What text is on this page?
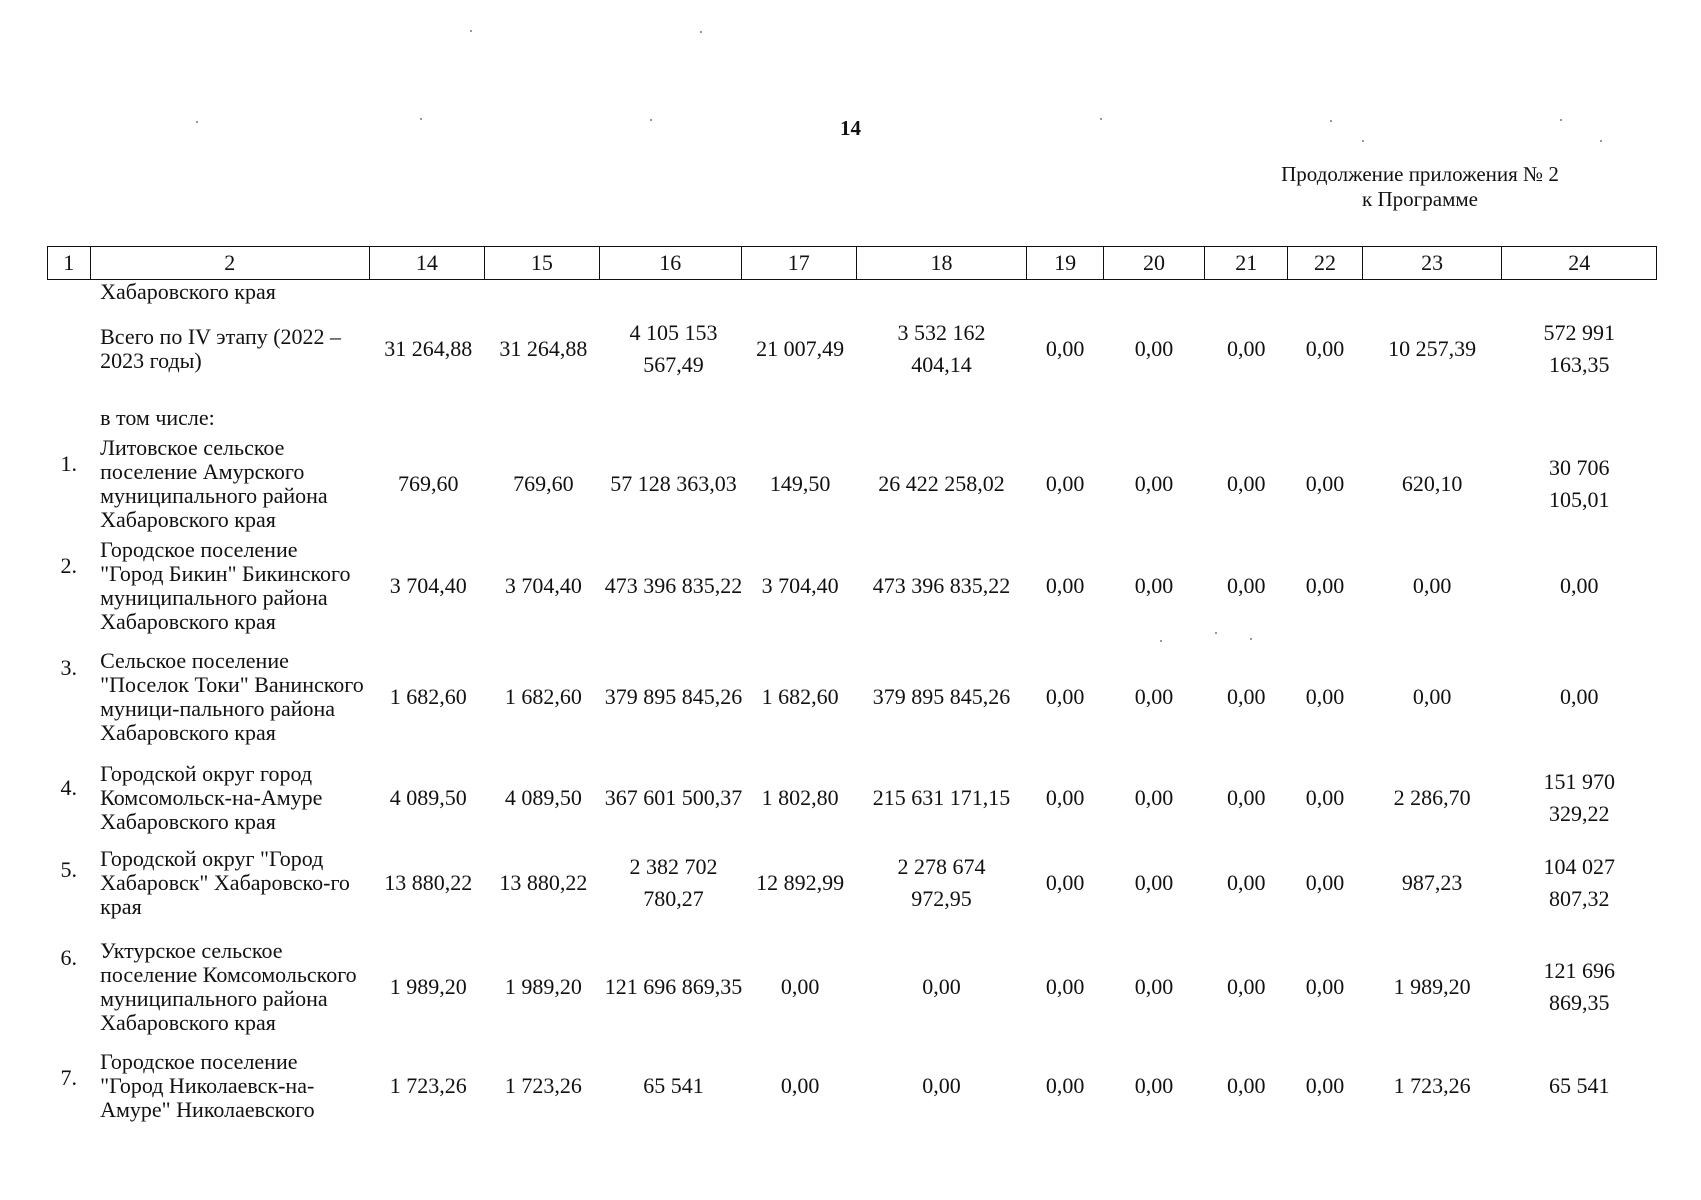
14
Продолжение приложения № 2
к Программе
1	2	14	15	16	17	18	19	20	21	22	23	24
	Хабаровского края											
	Всего по IV этапу (2022 – 2023 годы)	31 264,88	31 264,88	4 105 153 567,49	21 007,49	3 532 162 404,14	0,00	0,00	0,00	0,00	10 257,39	572 991 163,35
	в том числе:											
1.	Литовское сельское поселение Амурского муниципального района Хабаровского края	769,60	769,60	57 128 363,03	149,50	26 422 258,02	0,00	0,00	0,00	0,00	620,10	30 706 105,01
2.	Городское поселение "Город Бикин" Бикинского муниципального района Хабаровского края	3 704,40	3 704,40	473 396 835,22	3 704,40	473 396 835,22	0,00	0,00	0,00	0,00	0,00	0,00
3.	Сельское поселение "Поселок Токи" Ванинского муници-пального района Хабаровского края	1 682,60	1 682,60	379 895 845,26	1 682,60	379 895 845,26	0,00	0,00	0,00	0,00	0,00	0,00
4.	Городской округ город Комсомольск-на-Амуре Хабаровского края	4 089,50	4 089,50	367 601 500,37	1 802,80	215 631 171,15	0,00	0,00	0,00	0,00	2 286,70	151 970 329,22
5.	Городской округ "Город Хабаровск" Хабаровско-го края	13 880,22	13 880,22	2 382 702 780,27	12 892,99	2 278 674 972,95	0,00	0,00	0,00	0,00	987,23	104 027 807,32
6.	Уктурское сельское поселение Комсомольского муниципального района Хабаровского края	1 989,20	1 989,20	121 696 869,35	0,00	0,00	0,00	0,00	0,00	0,00	1 989,20	121 696 869,35
7.	Городское поселение "Город Николаевск-на-Амуре" Николаевского	1 723,26	1 723,26	65 541	0,00	0,00	0,00	0,00	0,00	0,00	1 723,26	65 541
